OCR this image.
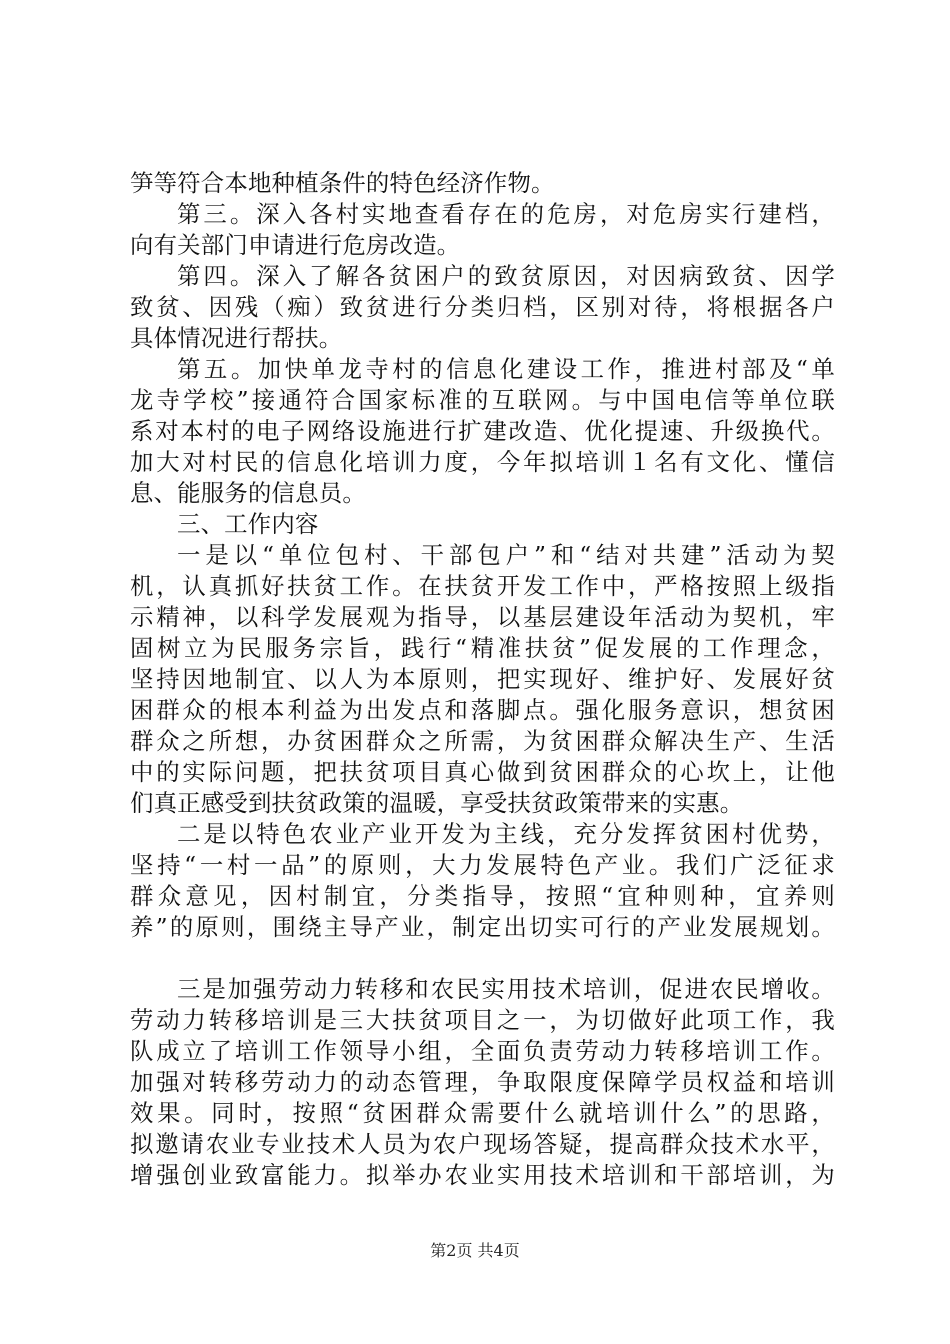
笋等符合本地种植条件的特色经济作物。
第三。深入各村实地查看存在的危房，对危房实行建档，
向有关部门申请进行危房改造。
第四。深入了解各贫困户的致贫原因，对因病致贫、因学
致贫、因残（痴）致贫进行分类归档，区别对待，将根据各户
具体情况进行帮扶。
第五。加快单龙寺村的信息化建设工作，推进村部及“单
龙寺学校”接通符合国家标准的互联网。与中国电信等单位联
系对本村的电子网络设施进行扩建改造、优化提速、升级换代。
加大对村民的信息化培训力度，今年拟培训１名有文化、懂信
息、能服务的信息员。
三、工作内容
一是以“单位包村、干部包户”和“结对共建”活动为契
机，认真抓好扶贫工作。在扶贫开发工作中，严格按照上级指
示精神，以科学发展观为指导，以基层建设年活动为契机，牢
固树立为民服务宗旨，践行“精准扶贫”促发展的工作理念，
坚持因地制宜、以人为本原则，把实现好、维护好、发展好贫
困群众的根本利益为出发点和落脚点。强化服务意识，想贫困
群众之所想，办贫困群众之所需，为贫困群众解决生产、生活
中的实际问题，把扶贫项目真心做到贫困群众的心坎上，让他
们真正感受到扶贫政策的温暖，享受扶贫政策带来的实惠。
二是以特色农业产业开发为主线，充分发挥贫困村优势，
坚持“一村一品”的原则，大力发展特色产业。我们广泛征求
群众意见，因村制宜，分类指导，按照“宜种则种，宜养则
养”的原则，围绕主导产业，制定出切实可行的产业发展规划。
三是加强劳动力转移和农民实用技术培训，促进农民增收。
劳动力转移培训是三大扶贫项目之一，为切做好此项工作，我
队成立了培训工作领导小组，全面负责劳动力转移培训工作。
加强对转移劳动力的动态管理，争取限度保障学员权益和培训
效果。同时，按照“贫困群众需要什么就培训什么”的思路，
拟邀请农业专业技术人员为农户现场答疑，提高群众技术水平，
增强创业致富能力。拟举办农业实用技术培训和干部培训，为
第2页 共4页
